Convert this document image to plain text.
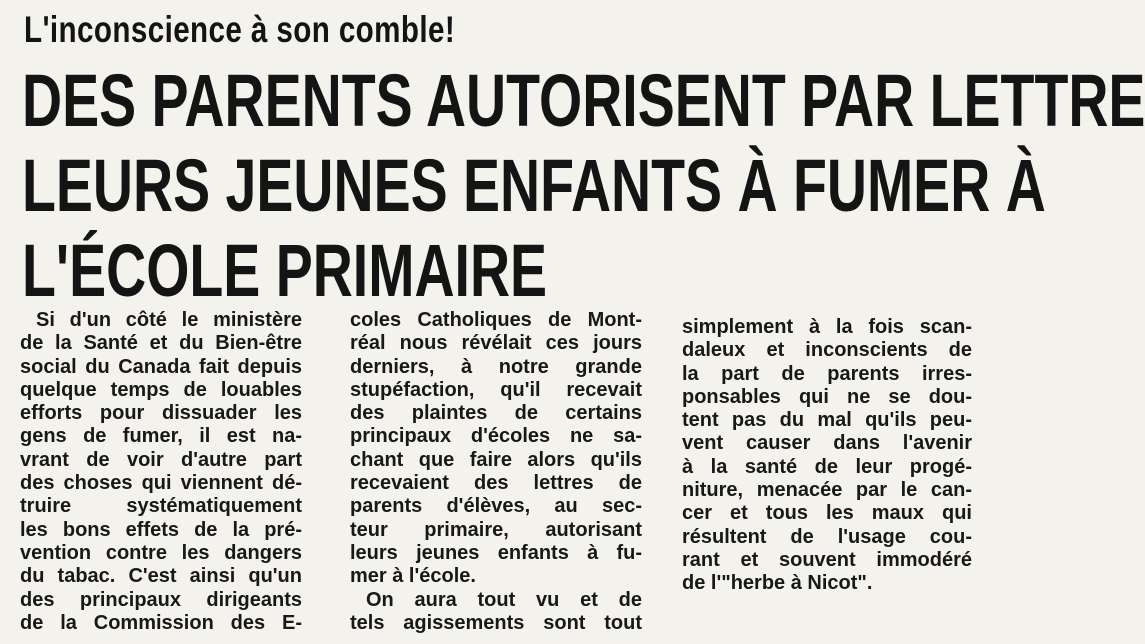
L'inconscience à son comble!
DES PARENTS AUTORISENT PAR LETTRE
LEURS JEUNES ENFANTS À FUMER À
L'ÉCOLE PRIMAIRE
Si d'un côté le ministère
de la Santé et du Bien-être
social du Canada fait depuis
quelque temps de louables
efforts pour dissuader les
gens de fumer, il est na-
vrant de voir d'autre part
des choses qui viennent dé-
truire systématiquement
les bons effets de la pré-
vention contre les dangers
du tabac. C'est ainsi qu'un
des principaux dirigeants
de la Commission des E-
coles Catholiques de Mont-
réal nous révélait ces jours
derniers, à notre grande
stupéfaction, qu'il recevait
des plaintes de certains
principaux d'écoles ne sa-
chant que faire alors qu'ils
recevaient des lettres de
parents d'élèves, au sec-
teur primaire, autorisant
leurs jeunes enfants à fu-
mer à l'école.
On aura tout vu et de
tels agissements sont tout
simplement à la fois scan-
daleux et inconscients de
la part de parents irres-
ponsables qui ne se dou-
tent pas du mal qu'ils peu-
vent causer dans l'avenir
à la santé de leur progé-
niture, menacée par le can-
cer et tous les maux qui
résultent de l'usage cou-
rant et souvent immodéré
de l'"herbe à Nicot".
